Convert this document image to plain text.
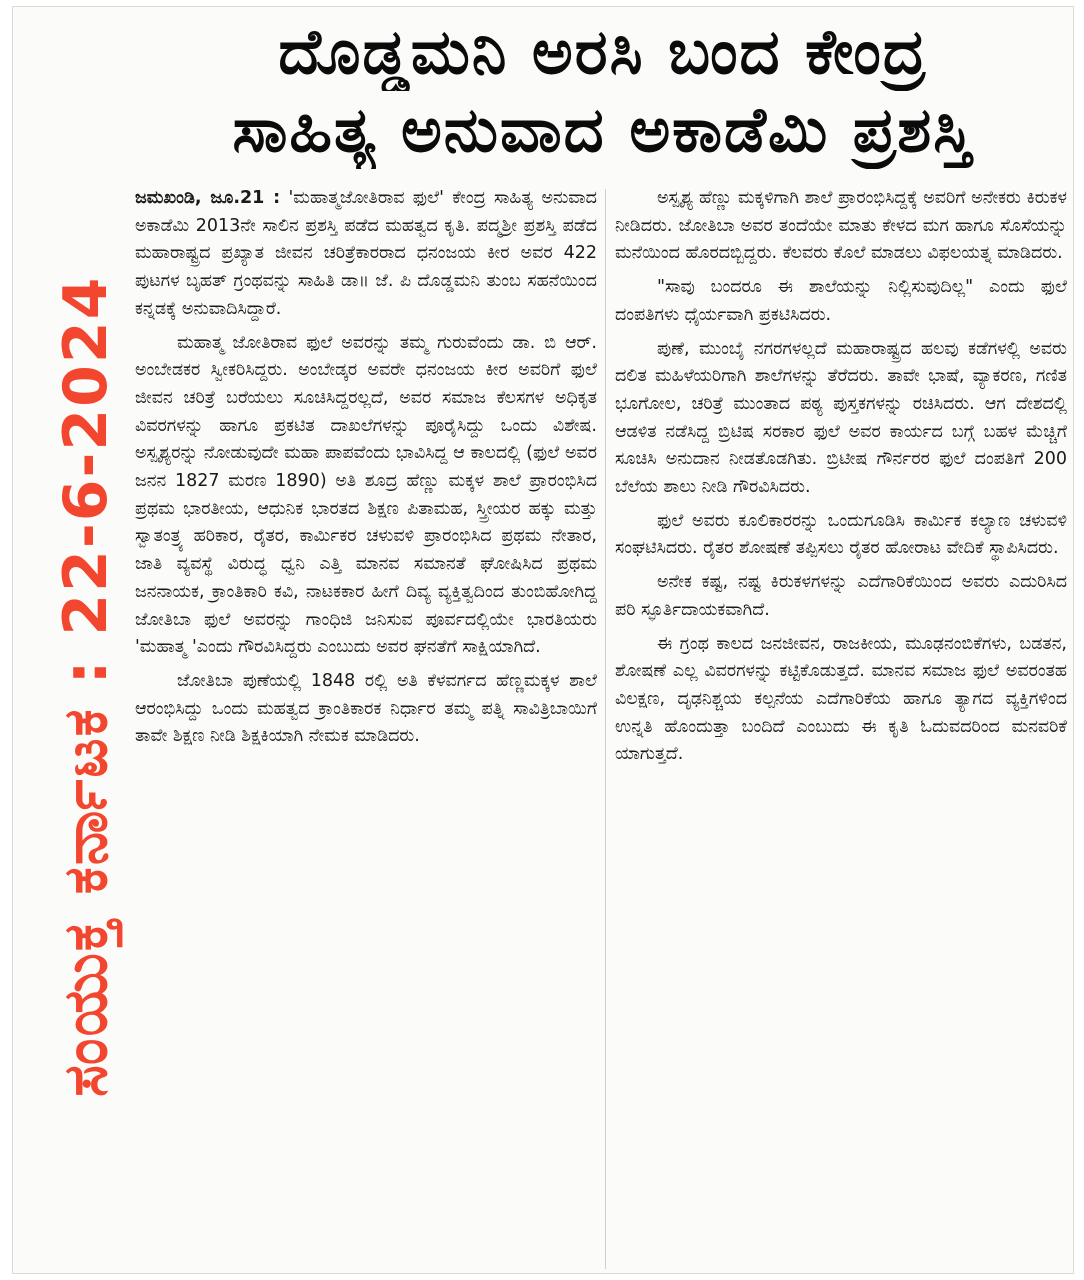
ದೊಡ್ಡಮನಿ ಅರಸಿ ಬಂದ ಕೇಂದ್ರ
ಸಾಹಿತ್ಯ ಅನುವಾದ ಅಕಾಡೆಮಿ ಪ್ರಶಸ್ತಿ
ಸಂಯುಕ್ತ ಕರ್ನಾಟಕ : 22-6-2024

ಜಮಖಂಡಿ, ಜೂ.21 : 'ಮಹಾತ್ಮಜೋತಿರಾವ ಫುಲೆ' ಕೇಂದ್ರ ಸಾಹಿತ್ಯ ಅನುವಾದ ಅಕಾಡೆಮಿ 2013ನೇ ಸಾಲಿನ ಪ್ರಶಸ್ತಿ ಪಡೆದ ಮಹತ್ವದ ಕೃತಿ. ಪದ್ಮಶ್ರೀ ಪ್ರಶಸ್ತಿ ಪಡೆದ ಮಹಾರಾಷ್ಟ್ರದ ಪ್ರಖ್ಯಾತ ಜೀವನ ಚರಿತ್ರೆಕಾರರಾದ ಧನಂಜಯ ಕೀರ ಅವರ 422 ಪುಟಗಳ ಬೃಹತ್ ಗ್ರಂಥವನ್ನು ಸಾಹಿತಿ ಡಾ॥ ಜೆ. ಪಿ ದೊಡ್ಡಮನಿ ತುಂಬ ಸಹನೆಯಿಂದ ಕನ್ನಡಕ್ಕೆ ಅನುವಾದಿಸಿದ್ದಾರೆ.

ಮಹಾತ್ಮ ಜೋತಿರಾವ ಫುಲೆ ಅವರನ್ನು ತಮ್ಮ ಗುರುವೆಂದು ಡಾ. ಬಿ ಆರ್. ಅಂಬೇಡಕರ ಸ್ವೀಕರಿಸಿದ್ದರು. ಅಂಬೇಡ್ಕರ ಅವರೇ ಧನಂಜಯ ಕೀರ ಅವರಿಗೆ ಫುಲೆ ಜೀವನ ಚರಿತ್ರೆ ಬರೆಯಲು ಸೂಚಿಸಿದ್ದರಲ್ಲದೆ, ಅವರ ಸಮಾಜ ಕೆಲಸಗಳ ಅಧಿಕೃತ ವಿವರಗಳನ್ನು ಹಾಗೂ ಪ್ರಕಟಿತ ದಾಖಲೆಗಳನ್ನು ಪೂರೈಸಿದ್ದು ಒಂದು ವಿಶೇಷ. ಅಸ್ಪೃಶ್ಯರನ್ನು ನೋಡುವುದೇ ಮಹಾ ಪಾಪವೆಂದು ಭಾವಿಸಿದ್ದ ಆ ಕಾಲದಲ್ಲಿ (ಫುಲೆ ಅವರ ಜನನ 1827 ಮರಣ 1890) ಅತಿ ಶೂದ್ರ ಹೆಣ್ಣು ಮಕ್ಕಳ ಶಾಲೆ ಪ್ರಾರಂಭಿಸಿದ ಪ್ರಥಮ ಭಾರತೀಯ, ಆಧುನಿಕ ಭಾರತದ ಶಿಕ್ಷಣ ಪಿತಾಮಹ, ಸ್ತ್ರೀಯರ ಹಕ್ಕು ಮತ್ತು ಸ್ವಾತಂತ್ರ್ಯ ಹರಿಕಾರ, ರೈತರ, ಕಾರ್ಮಿಕರ ಚಳುವಳಿ ಪ್ರಾರಂಭಿಸಿದ ಪ್ರಥಮ ನೇತಾರ, ಜಾತಿ ವ್ಯವಸ್ಥೆ ವಿರುದ್ಧ ಧ್ವನಿ ಎತ್ತಿ ಮಾನವ ಸಮಾನತೆ ಘೋಷಿಸಿದ ಪ್ರಥಮ ಜನನಾಯಕ, ಕ್ರಾಂತಿಕಾರಿ ಕವಿ, ನಾಟಕಕಾರ ಹೀಗೆ ದಿವ್ಯ ವ್ಯಕ್ತಿತ್ವದಿಂದ ತುಂಬಿಹೋಗಿದ್ದ ಜೋತಿಬಾ ಫುಲೆ ಅವರನ್ನು ಗಾಂಧಿಜಿ ಜನಿಸುವ ಪೂರ್ವದಲ್ಲಿಯೇ ಭಾರತಿಯರು 'ಮಹಾತ್ಮ 'ಎಂದು ಗೌರವಿಸಿದ್ದರು ಎಂಬುದು ಅವರ ಘನತೆಗೆ ಸಾಕ್ಷಿಯಾಗಿದೆ.

ಜೋತಿಬಾ ಪುಣೆಯಲ್ಲಿ 1848 ರಲ್ಲಿ ಅತಿ ಕೆಳವರ್ಗದ ಹೆಣ್ಣಮಕ್ಕಳ ಶಾಲೆ ಆರಂಭಿಸಿದ್ದು ಒಂದು ಮಹತ್ವದ ಕ್ರಾಂತಿಕಾರಕ ನಿರ್ಧಾರ ತಮ್ಮ ಪತ್ನಿ ಸಾವಿತ್ರಿಬಾಯಿಗೆ ತಾವೇ ಶಿಕ್ಷಣ ನೀಡಿ ಶಿಕ್ಷಕಿಯಾಗಿ ನೇಮಕ ಮಾಡಿದರು.

ಅಸ್ಪೃಶ್ಯ ಹೆಣ್ಣು ಮಕ್ಕಳಿಗಾಗಿ ಶಾಲೆ ಪ್ರಾರಂಭಿಸಿದ್ದಕ್ಕೆ ಅವರಿಗೆ ಅನೇಕರು ಕಿರುಕಳ ನೀಡಿದರು. ಜೋತಿಬಾ ಅವರ ತಂದೆಯೇ ಮಾತು ಕೇಳದ ಮಗ ಹಾಗೂ ಸೊಸೆಯನ್ನು ಮನೆಯಿಂದ ಹೊರದಬ್ಬಿದ್ದರು. ಕೆಲವರು ಕೊಲೆ ಮಾಡಲು ವಿಫಲಯತ್ನ ಮಾಡಿದರು.

"ಸಾವು ಬಂದರೂ ಈ ಶಾಲೆಯನ್ನು ನಿಲ್ಲಿಸುವುದಿಲ್ಲ" ಎಂದು ಫುಲೆ ದಂಪತಿಗಳು ಧೈರ್ಯವಾಗಿ ಪ್ರಕಟಿಸಿದರು.

ಪುಣೆ, ಮುಂಬೈ ನಗರಗಳಲ್ಲದೆ ಮಹಾರಾಷ್ಟ್ರದ ಹಲವು ಕಡೆಗಳಲ್ಲಿ ಅವರು ದಲಿತ ಮಹಿಳೆಯರಿಗಾಗಿ ಶಾಲೆಗಳನ್ನು ತೆರೆದರು. ತಾವೇ ಭಾಷೆ, ವ್ಯಾಕರಣ, ಗಣಿತ ಭೂಗೋಲ, ಚರಿತ್ರೆ ಮುಂತಾದ ಪಠ್ಯ ಪುಸ್ತಕಗಳನ್ನು ರಚಿಸಿದರು. ಆಗ ದೇಶದಲ್ಲಿ ಆಡಳಿತ ನಡೆಸಿದ್ದ ಬ್ರಿಟಿಷ ಸರಕಾರ ಫುಲೆ ಅವರ ಕಾರ್ಯದ ಬಗ್ಗೆ ಬಹಳ ಮೆಚ್ಚಿಗೆ ಸೂಚಿಸಿ ಅನುದಾನ ನೀಡತೊಡಗಿತು. ಬ್ರಿಟೀಷ ಗೌರ್ನರ‌ರ ಫುಲೆ ದಂಪತಿಗೆ 200 ಬೆಲೆಯ ಶಾಲು ನೀಡಿ ಗೌರವಿಸಿದರು.

ಫುಲೆ ಅವರು ಕೂಲಿಕಾರರನ್ನು ಒಂದುಗೂಡಿಸಿ ಕಾರ್ಮಿಕ ಕಲ್ಯಾಣ ಚಳುವಳಿ ಸಂಘಟಿಸಿದರು. ರೈತರ ಶೋಷಣೆ ತಪ್ಪಿಸಲು ರೈತರ ಹೋರಾಟ ವೇದಿಕೆ ಸ್ಥಾಪಿಸಿದರು.

ಅನೇಕ ಕಷ್ಟ, ನಷ್ಟ ಕಿರುಕಳಗಳನ್ನು ಎದೆಗಾರಿಕೆಯಿಂದ ಅವರು ಎದುರಿಸಿದ ಪರಿ ಸ್ಫೂರ್ತಿದಾಯಕವಾಗಿದೆ.

ಈ ಗ್ರಂಥ ಕಾಲದ ಜನಜೀವನ, ರಾಜಕೀಯ, ಮೂಢನಂಬಿಕೆಗಳು, ಬಡತನ, ಶೋಷಣೆ ಎಲ್ಲ ವಿವರಗಳನ್ನು ಕಟ್ಟಿಕೊಡುತ್ತದೆ. ಮಾನವ ಸಮಾಜ ಫುಲೆ ಅವರಂತಹ ವಿಲಕ್ಷಣ, ದೃಢನಿಶ್ಚಯ ಕಲ್ಪನೆಯ ಎದೆಗಾರಿಕೆಯ ಹಾಗೂ ತ್ಯಾಗದ ವ್ಯಕ್ತಿಗಳಿಂದ ಉನ್ನತಿ ಹೊಂದುತ್ತಾ ಬಂದಿದೆ ಎಂಬುದು ಈ ಕೃತಿ ಓದುವದರಿಂದ ಮನವರಿಕೆ ಯಾಗುತ್ತದೆ.
